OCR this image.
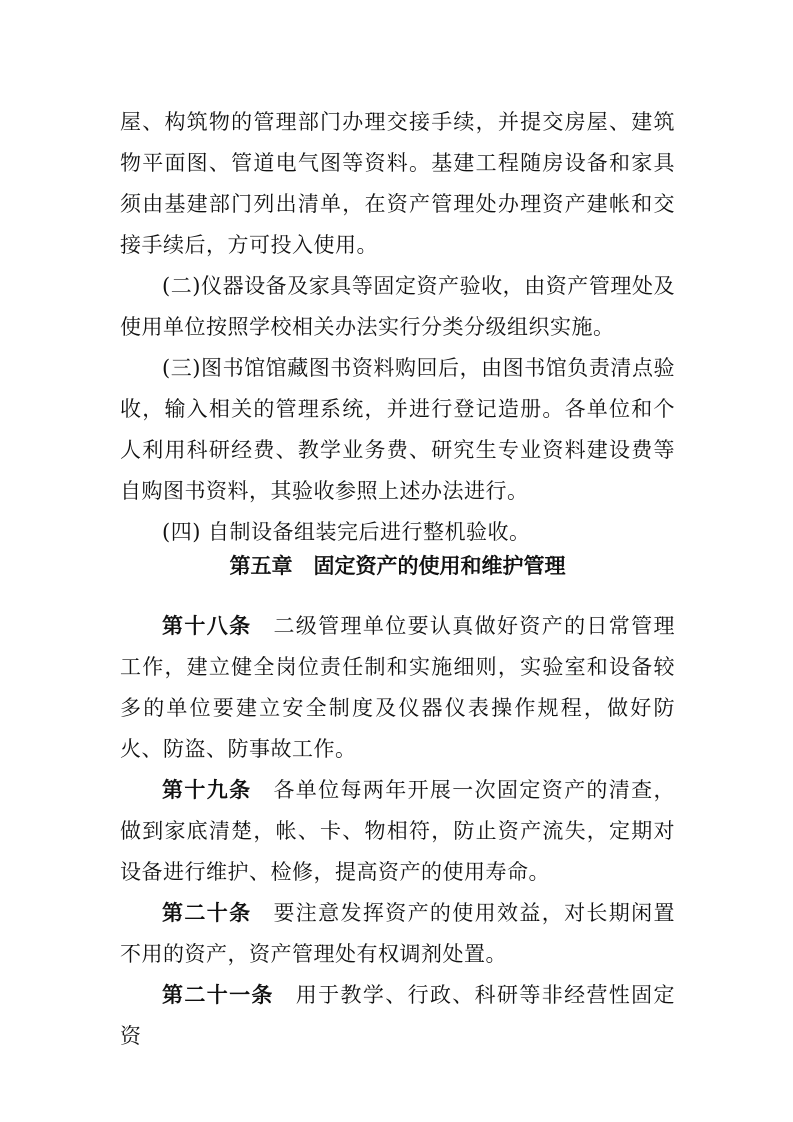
屋、构筑物的管理部门办理交接手续，并提交房屋、建筑物平面图、管道电气图等资料。基建工程随房设备和家具须由基建部门列出清单，在资产管理处办理资产建帐和交接手续后，方可投入使用。

(二)仪器设备及家具等固定资产验收，由资产管理处及使用单位按照学校相关办法实行分类分级组织实施。

(三)图书馆馆藏图书资料购回后，由图书馆负责清点验收，输入相关的管理系统，并进行登记造册。各单位和个人利用科研经费、教学业务费、研究生专业资料建设费等自购图书资料，其验收参照上述办法进行。

(四) 自制设备组装完后进行整机验收。

第五章　固定资产的使用和维护管理

第十八条 二级管理单位要认真做好资产的日常管理工作，建立健全岗位责任制和实施细则，实验室和设备较多的单位要建立安全制度及仪器仪表操作规程，做好防火、防盗、防事故工作。

第十九条 各单位每两年开展一次固定资产的清查，做到家底清楚，帐、卡、物相符，防止资产流失，定期对设备进行维护、检修，提高资产的使用寿命。

第二十条 要注意发挥资产的使用效益，对长期闲置不用的资产，资产管理处有权调剂处置。

第二十一条 用于教学、行政、科研等非经营性固定资
